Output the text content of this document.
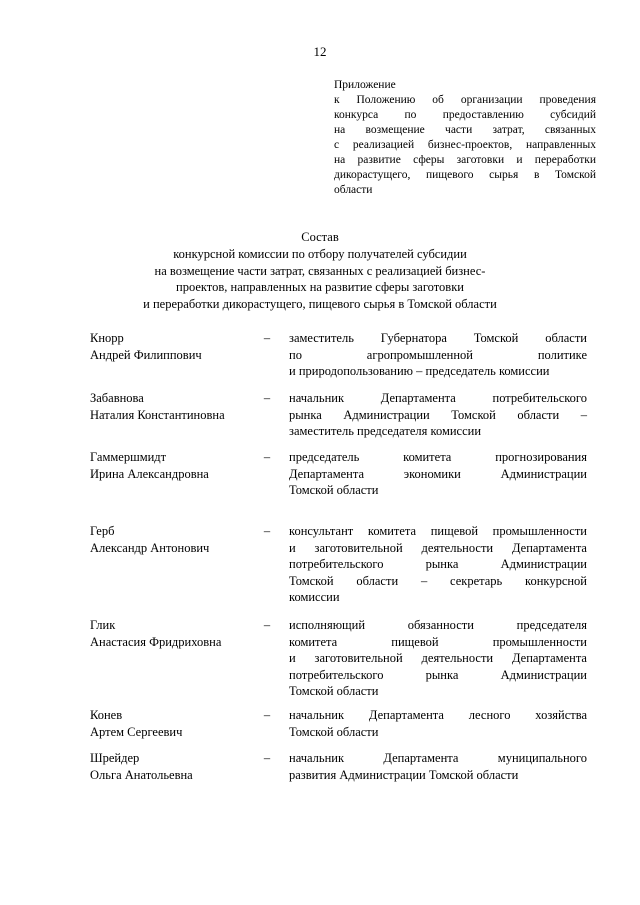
12
Приложение
к Положению об организации проведения
конкурса по предоставлению субсидий
на возмещение части затрат, связанных
с реализацией бизнес-проектов, направленных
на развитие сферы заготовки и переработки
дикорастущего, пищевого сырья в Томской
области
Состав
конкурсной комиссии по отбору получателей субсидии
на возмещение части затрат, связанных с реализацией бизнес-
проектов, направленных на развитие сферы заготовки
и переработки дикорастущего, пищевого сырья в Томской области
Кнорр
Андрей Филиппович
– заместитель Губернатора Томской области
по агропромышленной политике
и природопользованию – председатель комиссии
Забавнова
Наталия Константиновна
– начальник Департамента потребительского
рынка Администрации Томской области –
заместитель председателя комиссии
Гаммершмидт
Ирина Александровна
– председатель комитета прогнозирования
Департамента экономики Администрации
Томской области
Герб
Александр Антонович
– консультант комитета пищевой промышленности
и заготовительной деятельности Департамента
потребительского рынка Администрации
Томской области – секретарь конкурсной
комиссии
Глик
Анастасия Фридриховна
– исполняющий обязанности председателя
комитета пищевой промышленности
и заготовительной деятельности Департамента
потребительского рынка Администрации
Томской области
Конев
Артем Сергеевич
– начальник Департамента лесного хозяйства
Томской области
Шрейдер
Ольга Анатольевна
– начальник Департамента муниципального
развития Администрации Томской области
